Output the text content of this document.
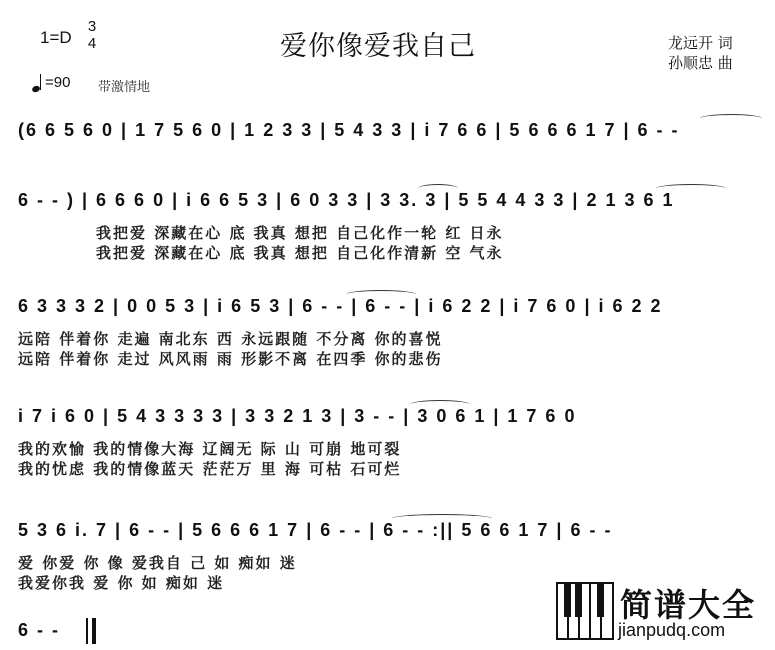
1=D
3
4
=90 带激情地
爱你像爱我自己	龙远开 词
孙顺忠 曲
(6 6 5 6 0 | 1 7 5 6 0 | 1 2 3 3 | 5 4 3 3 | i 7 6 6 | 5 6 6 6 1 7 | 6 - -
6 - - ) | 6 6 6 0 | i 6 6 5 3 | 6 0 3 3 | 3 3. 3 | 5 5 4 4 3 3 | 2 1 3 6 1
我把爱 深藏在心 底 我真 想把 自己化作一轮 红 日永
我把爱 深藏在心 底 我真 想把 自己化作清新 空 气永
6 3 3 3 2 | 0 0 5 3 | i 6 5 3 | 6 - - | 6 - - | i 6 2 2 | i 7 6 0 | i 6 2 2
远陪 伴着你 走遍 南北东 西 永远跟随 不分离 你的喜悦
远陪 伴着你 走过 风风雨 雨 形影不离 在四季 你的悲伤
i 7 i 6 0 | 5 4 3 3 3 3 | 3 3 2 1 3 | 3 - - | 3 0 6 1 | 1 7 6 0
我的欢愉 我的情像大海 辽阔无 际 山 可崩 地可裂
我的忧虑 我的情像蓝天 茫茫万 里 海 可枯 石可烂
5 3 6 i. 7 | 6 - - | 5 6 6 6 1 7 | 6 - - | 6 - - :|| 5 6 6 1 7 | 6 - -
爱 你爱 你 像 爱我自 己 如 痴如 迷
我爱你我 爱 你 如 痴如 迷
6 - -
简谱大全
jianpudq.com
